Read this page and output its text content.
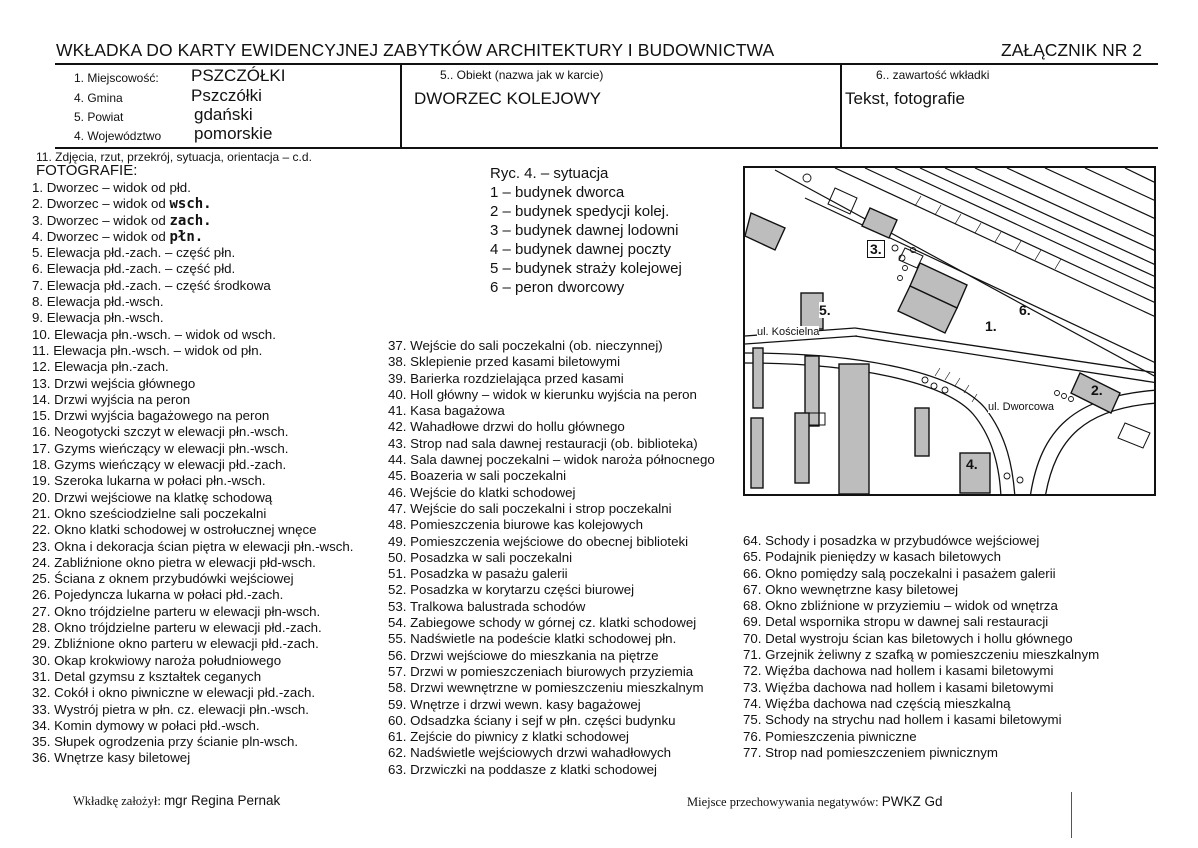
WKŁADKA DO KARTY EWIDENCYJNEJ ZABYTKÓW ARCHITEKTURY I BUDOWNICTWA	ZAŁĄCZNIK NR 2
1. Miejscowość: PSZCZÓŁKI
4. Gmina	Pszczółki
5. Powiat	gdański
4. Województwo pomorskie
5.. Obiekt (nazwa jak w karcie)
DWORZEC KOLEJOWY
6.. zawartość wkładki
Tekst, fotografie
11. Zdjęcia, rzut, przekrój, sytuacja, orientacja – c.d.
FOTOGRAFIE:
1. Dworzec – widok od płd.
2. Dworzec – widok od wsch.
3. Dworzec – widok od zach.
4. Dworzec – widok od płn.
5. Elewacja płd.-zach. – część płn.
6. Elewacja płd.-zach. – część płd.
7. Elewacja płd.-zach. – część środkowa
8. Elewacja płd.-wsch.
9. Elewacja płn.-wsch.
10. Elewacja płn.-wsch. – widok od wsch.
11. Elewacja płn.-wsch. – widok od płn.
12. Elewacja płn.-zach.
13. Drzwi wejścia głównego
14. Drzwi wyjścia na peron
15. Drzwi wyjścia bagażowego na peron
16. Neogotycki szczyt w elewacji płn.-wsch.
17. Gzyms wieńczący w elewacji płn.-wsch.
18. Gzyms wieńczący w elewacji płd.-zach.
19. Szeroka lukarna w połaci płn.-wsch.
20. Drzwi wejściowe na klatkę schodową
21. Okno sześciodzielne sali poczekalni
22. Okno klatki schodowej w ostrołucznej wnęce
23. Okna i dekoracja ścian piętra w elewacji płn.-wsch.
24. Zabliźnione okno pietra w elewacji płd-wsch.
25. Ściana z oknem przybudówki wejściowej
26. Pojedyncza lukarna w połaci płd.-zach.
27. Okno trójdzielne parteru w elewacji płn-wsch.
28. Okno trójdzielne parteru w elewacji płd.-zach.
29. Zbliźnione okno parteru w elewacji płd.-zach.
30. Okap krokwiowy naroża południowego
31. Detal gzymsu z kształtek ceganych
32. Cokół i okno piwniczne w elewacji płd.-zach.
33. Wystrój pietra w płn. cz. elewacji płn.-wsch.
34. Komin dymowy w połaci płd.-wsch.
35. Słupek ogrodzenia przy ścianie pln-wsch.
36. Wnętrze kasy biletowej
Ryc. 4. – sytuacja
1 – budynek dworca
2 – budynek spedycji kolej.
3 – budynek dawnej lodowni
4 – budynek dawnej poczty
5 – budynek straży kolejowej
6 – peron dworcowy
ul. Kościelna
ul. Dworcowa
1.
2.
3.
4.
5.	6.
37. Wejście do sali poczekalni (ob. nieczynnej)
38. Sklepienie przed kasami biletowymi
39. Barierka rozdzielająca przed kasami
40. Holl główny – widok w kierunku wyjścia na peron
41. Kasa bagażowa
42. Wahadłowe drzwi do hollu głównego
43. Strop nad sala dawnej restauracji (ob. biblioteka)
44. Sala dawnej poczekalni – widok naroża północnego
45. Boazeria w sali poczekalni
46. Wejście do klatki schodowej
47. Wejście do sali poczekalni i strop poczekalni
48. Pomieszczenia biurowe kas kolejowych
49. Pomieszczenia wejściowe do obecnej biblioteki
50. Posadzka w sali poczekalni
51. Posadzka w pasażu galerii
52. Posadzka w korytarzu części biurowej
53. Tralkowa balustrada schodów
54. Zabiegowe schody w górnej cz. klatki schodowej
55. Nadświetle na podeście klatki schodowej płn.
56. Drzwi wejściowe do mieszkania na piętrze
57. Drzwi w pomieszczeniach biurowych przyziemia
58. Drzwi wewnętrzne w pomieszczeniu mieszkalnym
59. Wnętrze i drzwi wewn. kasy bagażowej
60. Odsadzka ściany i sejf w płn. części budynku
61. Zejście do piwnicy z klatki schodowej
62. Nadświetle wejściowych drzwi wahadłowych
63. Drzwiczki na poddasze z klatki schodowej
64. Schody i posadzka w przybudówce wejściowej
65. Podajnik pieniędzy w kasach biletowych
66. Okno pomiędzy salą poczekalni i pasażem galerii
67. Okno wewnętrzne kasy biletowej
68. Okno zbliźnione w przyziemiu – widok od wnętrza
69. Detal wspornika stropu w dawnej sali restauracji
70. Detal wystroju ścian kas biletowych i hollu głównego
71. Grzejnik żeliwny z szafką w pomieszczeniu mieszkalnym
72. Więźba dachowa nad hollem i kasami biletowymi
73. Więźba dachowa nad hollem i kasami biletowymi
74. Więźba dachowa nad częścią mieszkalną
75. Schody na strychu nad hollem i kasami biletowymi
76. Pomieszczenia piwniczne
77. Strop nad pomieszczeniem piwnicznym
Wkładkę założył: mgr Regina Pernak	Miejsce przechowywania negatywów: PWKZ Gd
